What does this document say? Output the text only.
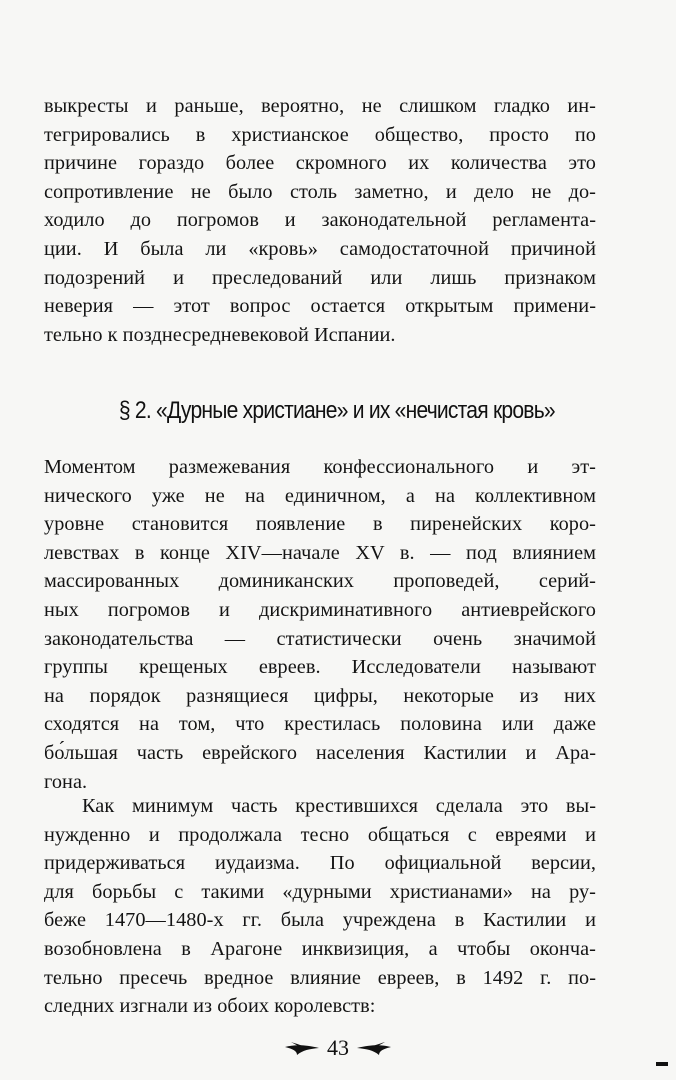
выкресты и раньше, вероятно, не слишком гладко ин-
тегрировались в христианское общество, просто по
причине гораздо более скромного их количества это
сопротивление не было столь заметно, и дело не до-
ходило до погромов и законодательной регламента-
ции. И была ли «кровь» самодостаточной причиной
подозрений и преследований или лишь признаком
неверия — этот вопрос остается открытым примени-
тельно к позднесредневековой Испании.
§ 2. «Дурные христиане» и их «нечистая кровь»
Моментом размежевания конфессионального и эт-
нического уже не на единичном, а на коллективном
уровне становится появление в пиренейских коро-
левствах в конце XIV—начале XV в. — под влиянием
массированных доминиканских проповедей, серий-
ных погромов и дискриминативного антиеврейского
законодательства — статистически очень значимой
группы крещеных евреев. Исследователи называют
на порядок разнящиеся цифры, некоторые из них
сходятся на том, что крестилась половина или даже
бо́льшая часть еврейского населения Кастилии и Ара-
гона.
Как минимум часть крестившихся сделала это вы-
нужденно и продолжала тесно общаться с евреями и
придерживаться иудаизма. По официальной версии,
для борьбы с такими «дурными христианами» на ру-
беже 1470—1480-х гг. была учреждена в Кастилии и
возобновлена в Арагоне инквизиция, а чтобы оконча-
тельно пресечь вредное влияние евреев, в 1492 г. по-
следних изгнали из обоих королевств:
43
